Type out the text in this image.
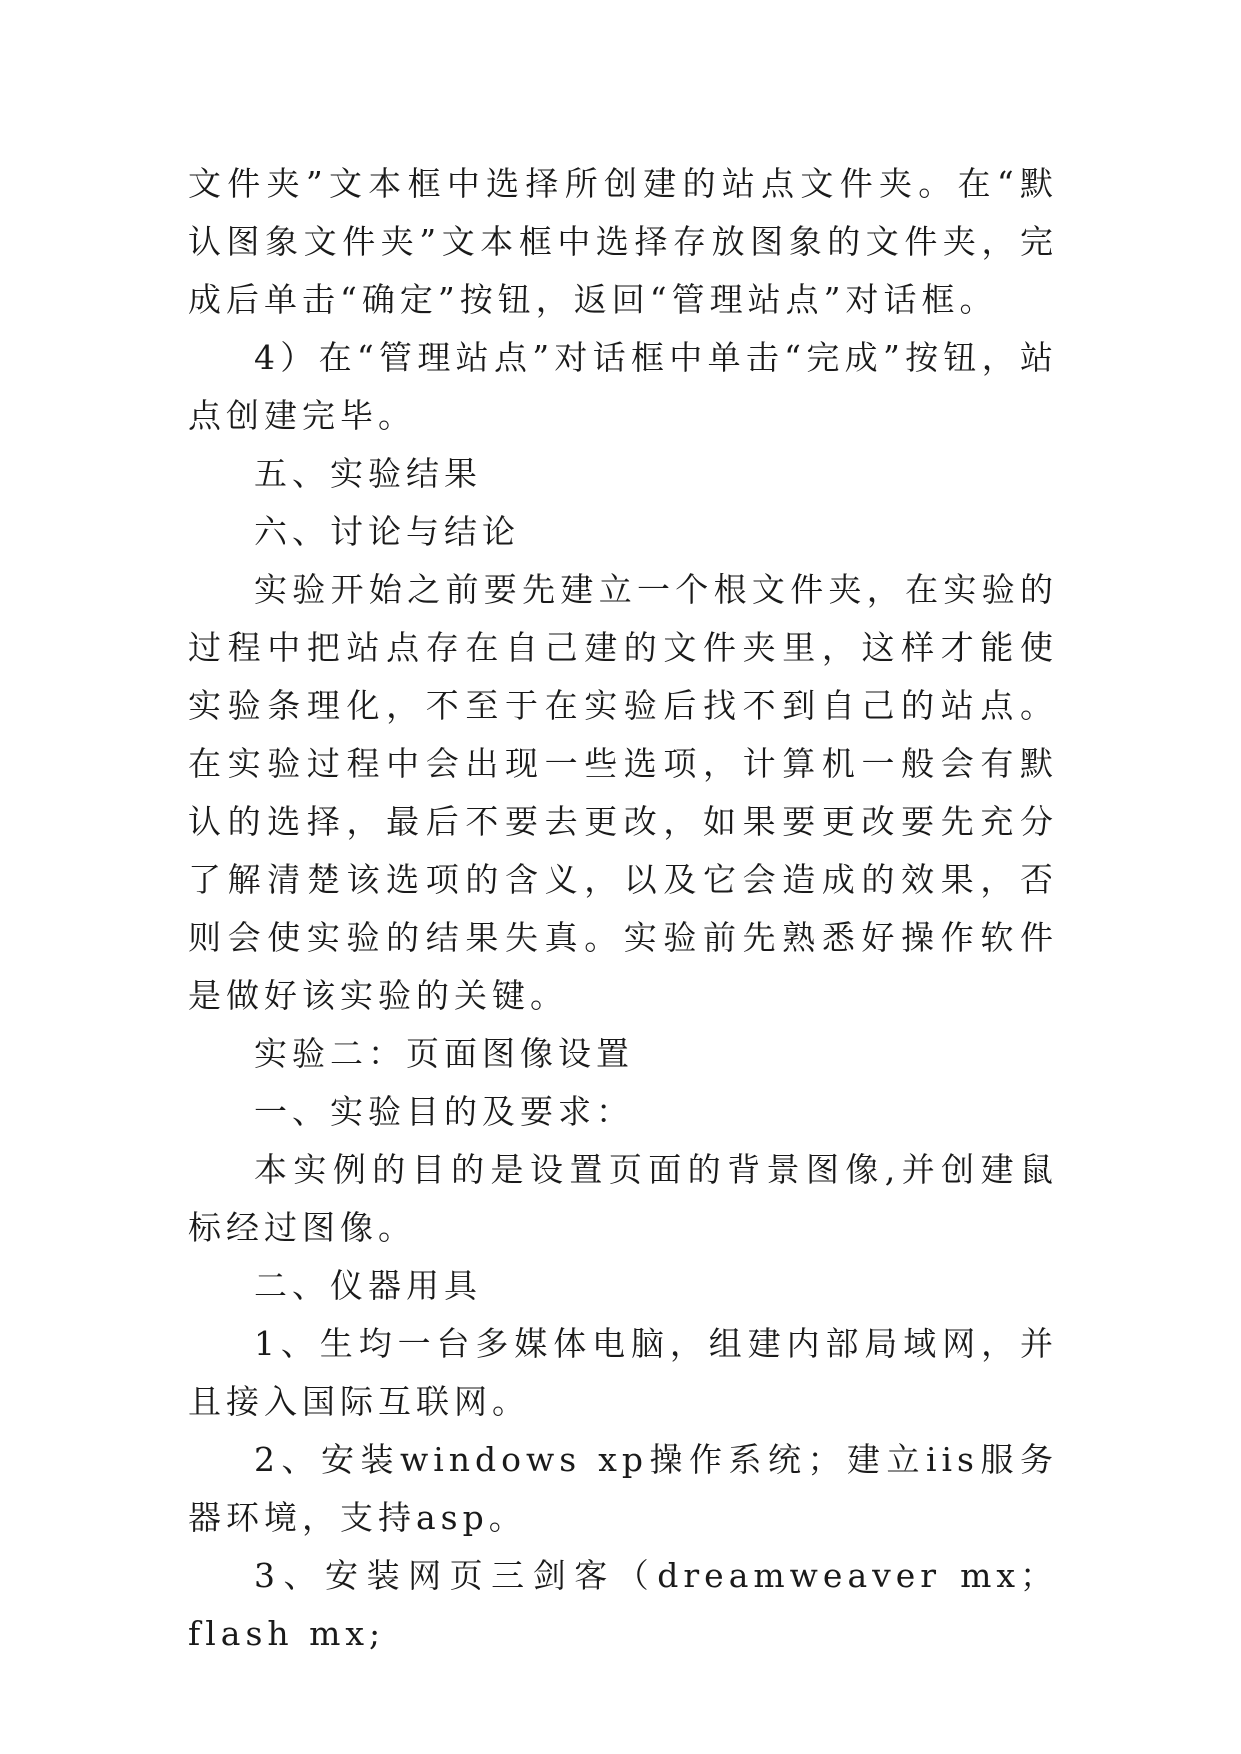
文件夹”文本框中选择所创建的站点文件夹。在“默认图象文件夹”文本框中选择存放图象的文件夹，完成后单击“确定”按钮，返回“管理站点”对话框。

4）在“管理站点”对话框中单击“完成”按钮，站点创建完毕。

五、实验结果

六、讨论与结论

实验开始之前要先建立一个根文件夹，在实验的过程中把站点存在自己建的文件夹里，这样才能使实验条理化，不至于在实验后找不到自己的站点。在实验过程中会出现一些选项，计算机一般会有默认的选择，最后不要去更改，如果要更改要先充分了解清楚该选项的含义，以及它会造成的效果，否则会使实验的结果失真。实验前先熟悉好操作软件是做好该实验的关键。

实验二：页面图像设置

一、实验目的及要求：

本实例的目的是设置页面的背景图像,并创建鼠标经过图像。

二、仪器用具

1、生均一台多媒体电脑，组建内部局域网，并且接入国际互联网。

2、安装windows xp操作系统；建立iis服务器环境，支持asp。

3、安装网页三剑客（dreamweaver mx；flash mx;
